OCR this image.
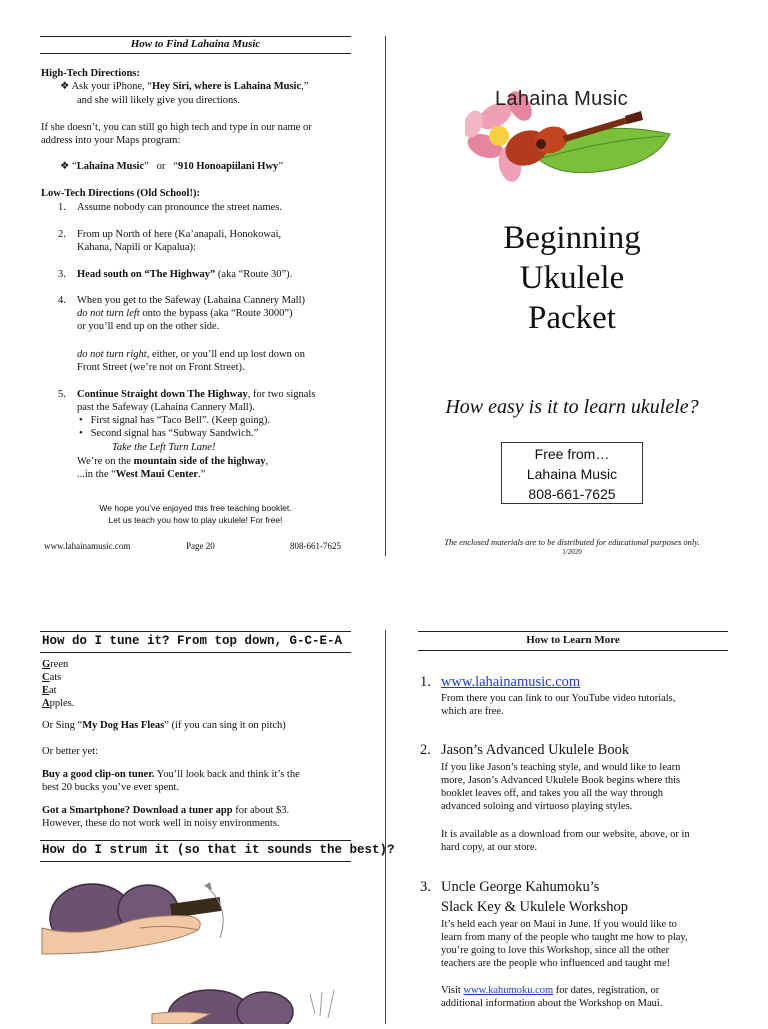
How to Find Lahaina Music
High-Tech Directions:
❖ Ask your iPhone, “Hey Siri, where is Lahaina Music,”
and she will likely give you directions.
If she doesn’t, you can still go high tech and type in our name or
address into your Maps program:
❖ “Lahaina Music” or “910 Honoapiilani Hwy”
Low-Tech Directions (Old School!):
1. Assume nobody can pronounce the street names.
2. From up North of here (Ka’anapali, Honokowai,
Kahana, Napili or Kapalua):
3. Head south on “The Highway” (aka “Route 30”).
4. When you get to the Safeway (Lahaina Cannery Mall)
do not turn left onto the bypass (aka “Route 3000”)
or you’ll end up on the other side.
do not turn right, either, or you’ll end up lost down on
Front Street (we’re not on Front Street).
5. Continue Straight down The Highway, for two signals
past the Safeway (Lahaina Cannery Mall).
• First signal has “Taco Bell”. (Keep going).
• Second signal has “Subway Sandwich.”
Take the Left Turn Lane!
We’re on the mountain side of the highway,
...in the “West Maui Center.”
We hope you’ve enjoyed this free teaching booklet.
Let us teach you how to play ukulele! For free!
www.lahainamusic.com	Page 20	808-661-7625
Lahaina Music
Beginning
Ukulele
Packet
How easy is it to learn ukulele?
Free from…
Lahaina Music
808-661-7625
The enclosed materials are to be distributed for educational purposes only.
1/2020
How do I tune it? From top down, G-C-E-A
Green
Cats
Eat
Apples.
Or Sing “My Dog Has Fleas” (if you can sing it on pitch)
Or better yet:
Buy a good clip-on tuner. You’ll look back and think it’s the
best 20 bucks you’ve ever spent.
Got a Smartphone? Download a tuner app for about $3.
However, these do not work well in noisy environments.
How do I strum it (so that it sounds the best)?
How to Learn More
1. www.lahainamusic.com
From there you can link to our YouTube video tutorials,
which are free.
2. Jason’s Advanced Ukulele Book
If you like Jason’s teaching style, and would like to learn
more, Jason’s Advanced Ukulele Book begins where this
booklet leaves off, and takes you all the way through
advanced soloing and virtuoso playing styles.
It is available as a download from our website, above, or in
hard copy, at our store.
3. Uncle George Kahumoku’s
Slack Key & Ukulele Workshop
It’s held each year on Maui in June. If you would like to
learn from many of the people who taught me how to play,
you’re going to love this Workshop, since all the other
teachers are the people who influenced and taught me!
Visit www.kahumoku.com for dates, registration, or
additional information about the Workshop on Maui.
